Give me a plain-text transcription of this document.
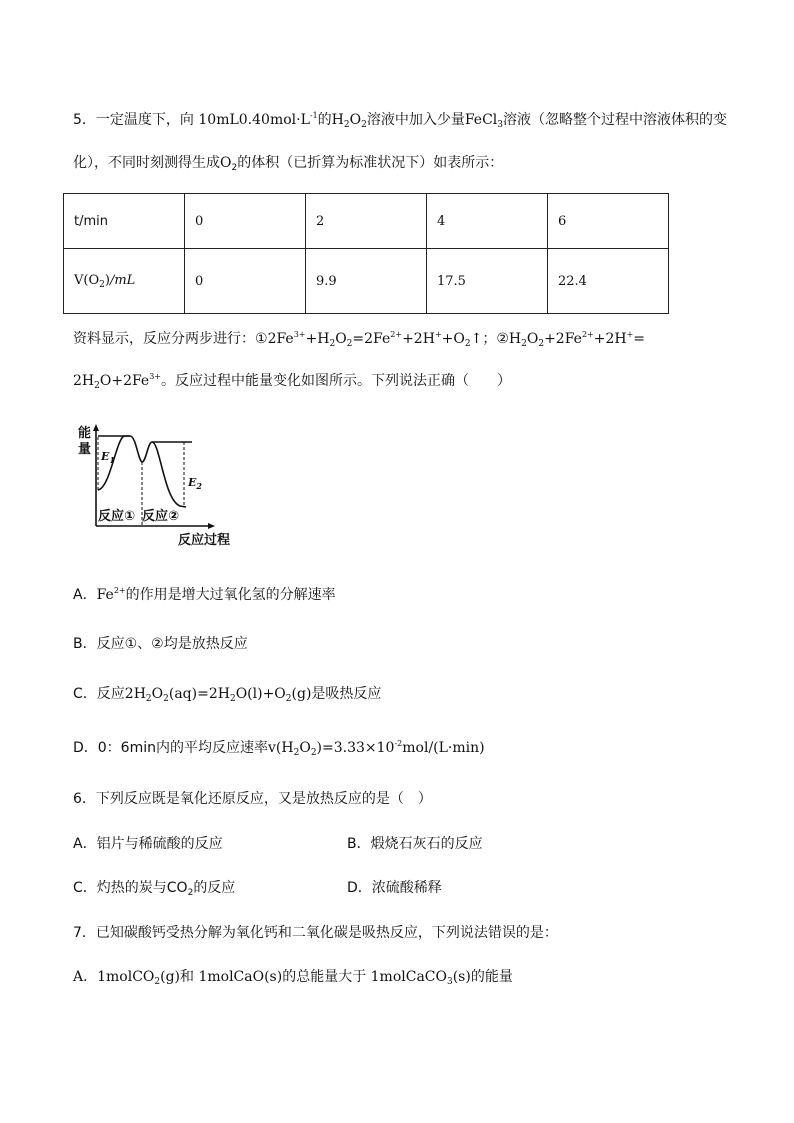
5．一定温度下，向 $10mL0.40mol\cdot L^{-1}$的$H_2O_2$溶液中加入少量FeCl$_3$溶液（忽略整个过程中溶液体积的变
化），不同时刻测得生成$O_2$的体积（已折算为标准状况下）如表所示：
t/min	0	2	4	6
$V(O_2)/mL$	0	9.9	17.5	22.4
资料显示，反应分两步进行：$①2Fe^{3+}+H_2O_2=2Fe^{2+}+2H^++O_2↑$；$②H_2O_2+2Fe^{2+}+2H^+=$
$2H_2O+2Fe^{3+}$。反应过程中能量变化如图所示。下列说法正确（　　）
能
量
反应① 反应②
反应过程
$E_1$
$E_2$
A．$Fe^{2+}$的作用是增大过氧化氢的分解速率
B．反应①、②均是放热反应
C．反应$2H_2O_2(aq)=2H_2O(l)+O_2(g)$是吸热反应
D．0：6min内的平均反应速率$v(H_2O_2)=3.33\times 10^{-2}mol/(L\cdot\min)$
6．下列反应既是氧化还原反应，又是放热反应的是（　）
A．铝片与稀硫酸的反应	B．煅烧石灰石的反应
C．灼热的炭与$CO_2$的反应	D．浓硫酸稀释
7．已知碳酸钙受热分解为氧化钙和二氧化碳是吸热反应，下列说法错误的是：
A．1molCO$_2$(g)和 1molCaO(s)的总能量大于 1molCaCO$_3$(s)的能量
